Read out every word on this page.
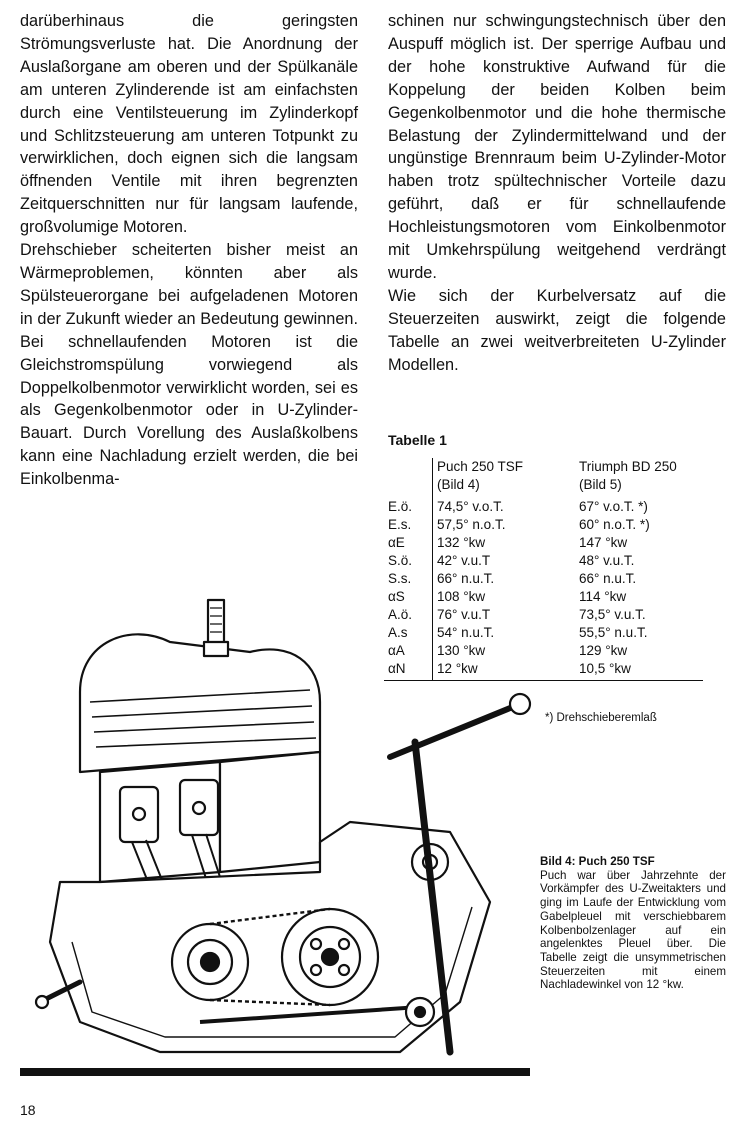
darüberhinaus die geringsten Strömungsverluste hat. Die Anordnung der Auslaßorgane am oberen und der Spülkanäle am unteren Zylinderende ist am einfachsten durch eine Ventilsteuerung im Zylinderkopf und Schlitzsteuerung am unteren Totpunkt zu verwirklichen, doch eignen sich die langsam öffnenden Ventile mit ihren begrenzten Zeitquerschnitten nur für langsam laufende, großvolumige Motoren.

Drehschieber scheiterten bisher meist an Wärmeproblemen, könnten aber als Spülsteuerorgane bei aufgeladenen Motoren in der Zukunft wieder an Bedeutung gewinnen. Bei schnellaufenden Motoren ist die Gleichstromspülung vorwiegend als Doppelkolbenmotor verwirklicht worden, sei es als Gegenkolbenmotor oder in U-Zylinder-Bauart. Durch Vorellung des Auslaßkolbens kann eine Nachladung erzielt werden, die bei Einkolbenma-

schinen nur schwingungstechnisch über den Auspuff möglich ist. Der sperrige Aufbau und der hohe konstruktive Aufwand für die Koppelung der beiden Kolben beim Gegenkolbenmotor und die hohe thermische Belastung der Zylindermittelwand und der ungünstige Brennraum beim U-Zylinder-Motor haben trotz spültechnischer Vorteile dazu geführt, daß er für schnellaufende Hochleistungsmotoren vom Einkolbenmotor mit Umkehrspülung weitgehend verdrängt wurde.

Wie sich der Kurbelversatz auf die Steuerzeiten auswirkt, zeigt die folgende Tabelle an zwei weitverbreiteten U-Zylinder Modellen.

Tabelle 1
	Puch 250 TSF	Triumph BD 250
	(Bild 4)	(Bild 5)
E.ö.	74,5° v.o.T.	67° v.o.T. *)
E.s.	57,5° n.o.T.	60° n.o.T. *)
αE	132 °kw	147 °kw
S.ö.	42° v.u.T	48° v.u.T.
S.s.	66° n.u.T.	66° n.u.T.
αS	108 °kw	114 °kw
A.ö.	76° v.u.T	73,5° v.u.T.
A.s	54° n.u.T.	55,5° n.u.T.
αA	130 °kw	129 °kw
αN	12 °kw	10,5 °kw
*) Drehschieberemlaß
Bild 4: Puch 250 TSF
Puch war über Jahrzehnte der Vorkämpfer des U-Zweitakters und ging im Laufe der Entwicklung vom Gabelpleuel mit verschiebbarem Kolbenbolzenlager auf ein angelenktes Pleuel über. Die Tabelle zeigt die unsymmetrischen Steuerzeiten mit einem Nachladewinkel von 12 °kw.
18
